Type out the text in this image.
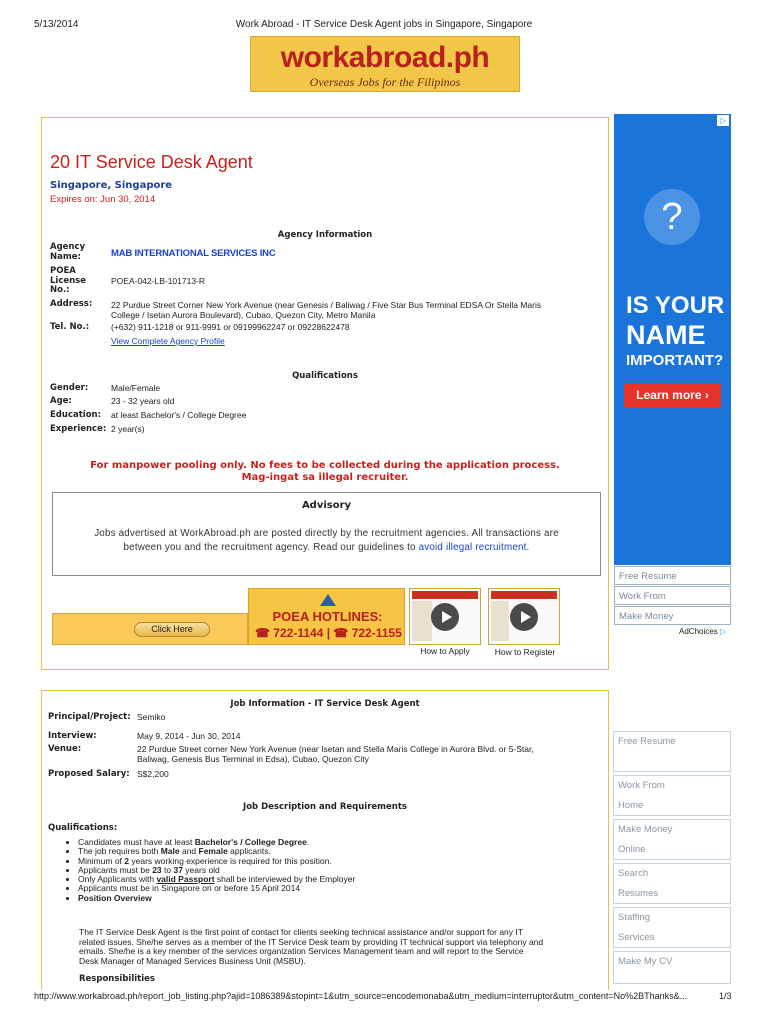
5/13/2014	Work Abroad - IT Service Desk Agent jobs in Singapore, Singapore
workabroad.ph
Overseas Jobs for the Filipinos
20 IT Service Desk Agent
Singapore, Singapore
Expires on: Jun 30, 2014
Agency Information
Agency Name:	MAB INTERNATIONAL SERVICES INC
POEA License No.:
POEA-042-LB-101713-R
Address: 22 Purdue Street Corner New York Avenue (near Genesis / Baliwag / Five Star Bus Terminal EDSA Or Stella Maris
College / Isetan Aurora Boulevard), Cubao, Quezon City, Metro Manila
Tel. No.:	(+632) 911-1218 or 911-9991 or 09199962247 or 09228622478
View Complete Agency Profile
Qualifications
Gender:	Male/Female
Age:	23 - 32 years old
Education: at least Bachelor's / College Degree
Experience: 2 year(s)
For manpower pooling only. No fees to be collected during the application process.
Mag-ingat sa illegal recruiter.
Advisory
Jobs advertised at WorkAbroad.ph are posted directly by the recruitment agencies. All transactions are
between you and the recruitment agency. Read our guidelines to avoid illegal recruitment.
Click Here
POEA HOTLINES:
☎ 722-1144 | ☎ 722-1155
How to Apply	How to Register
▷
?
IS YOUR
NAME
IMPORTANT?
Learn more ›
Free Resume
Work From
Make Money
AdChoices ▷
Job Information - IT Service Desk Agent
Principal/Project: Semiko
Interview:	May 9, 2014 - Jun 30, 2014
Venue:	22 Purdue Street corner New York Avenue (near Isetan and Stella Maris College in Aurora Blvd. or 5-Star,
Baliwag, Genesis Bus Terminal in Edsa), Cubao, Quezon City
Proposed Salary: S$2,200
Job Description and Requirements
Qualifications:
• Candidates must have at least Bachelor's / College Degree.
• The job requires both Male and Female applicants.
• Minimum of 2 years working experience is required for this position.
• Applicants must be 23 to 37 years old
• Only Applicants with valid Passport shall be interviewed by the Employer
• Applicants must be in Singapore on or before 15 April 2014
• Position Overview
The IT Service Desk Agent is the first point of contact for clients seeking technical assistance and/or support for any IT
related issues. She/he serves as a member of the IT Service Desk team by providing IT technical support via telephony and
emails. She/he is a key member of the services organization Services Management team and will report to the Service
Desk Manager of Managed Services Business Unit (MSBU).
Responsibilities
Free Resume
Work From
Home
Make Money
Online
Search
Resumes
Staffing
Services
Make My CV
http://www.workabroad.ph/report_job_listing.php?ajid=1086389&stopint=1&utm_source=encodemonaba&utm_medium=interruptor&utm_content=No%2BThanks&...	1/3
